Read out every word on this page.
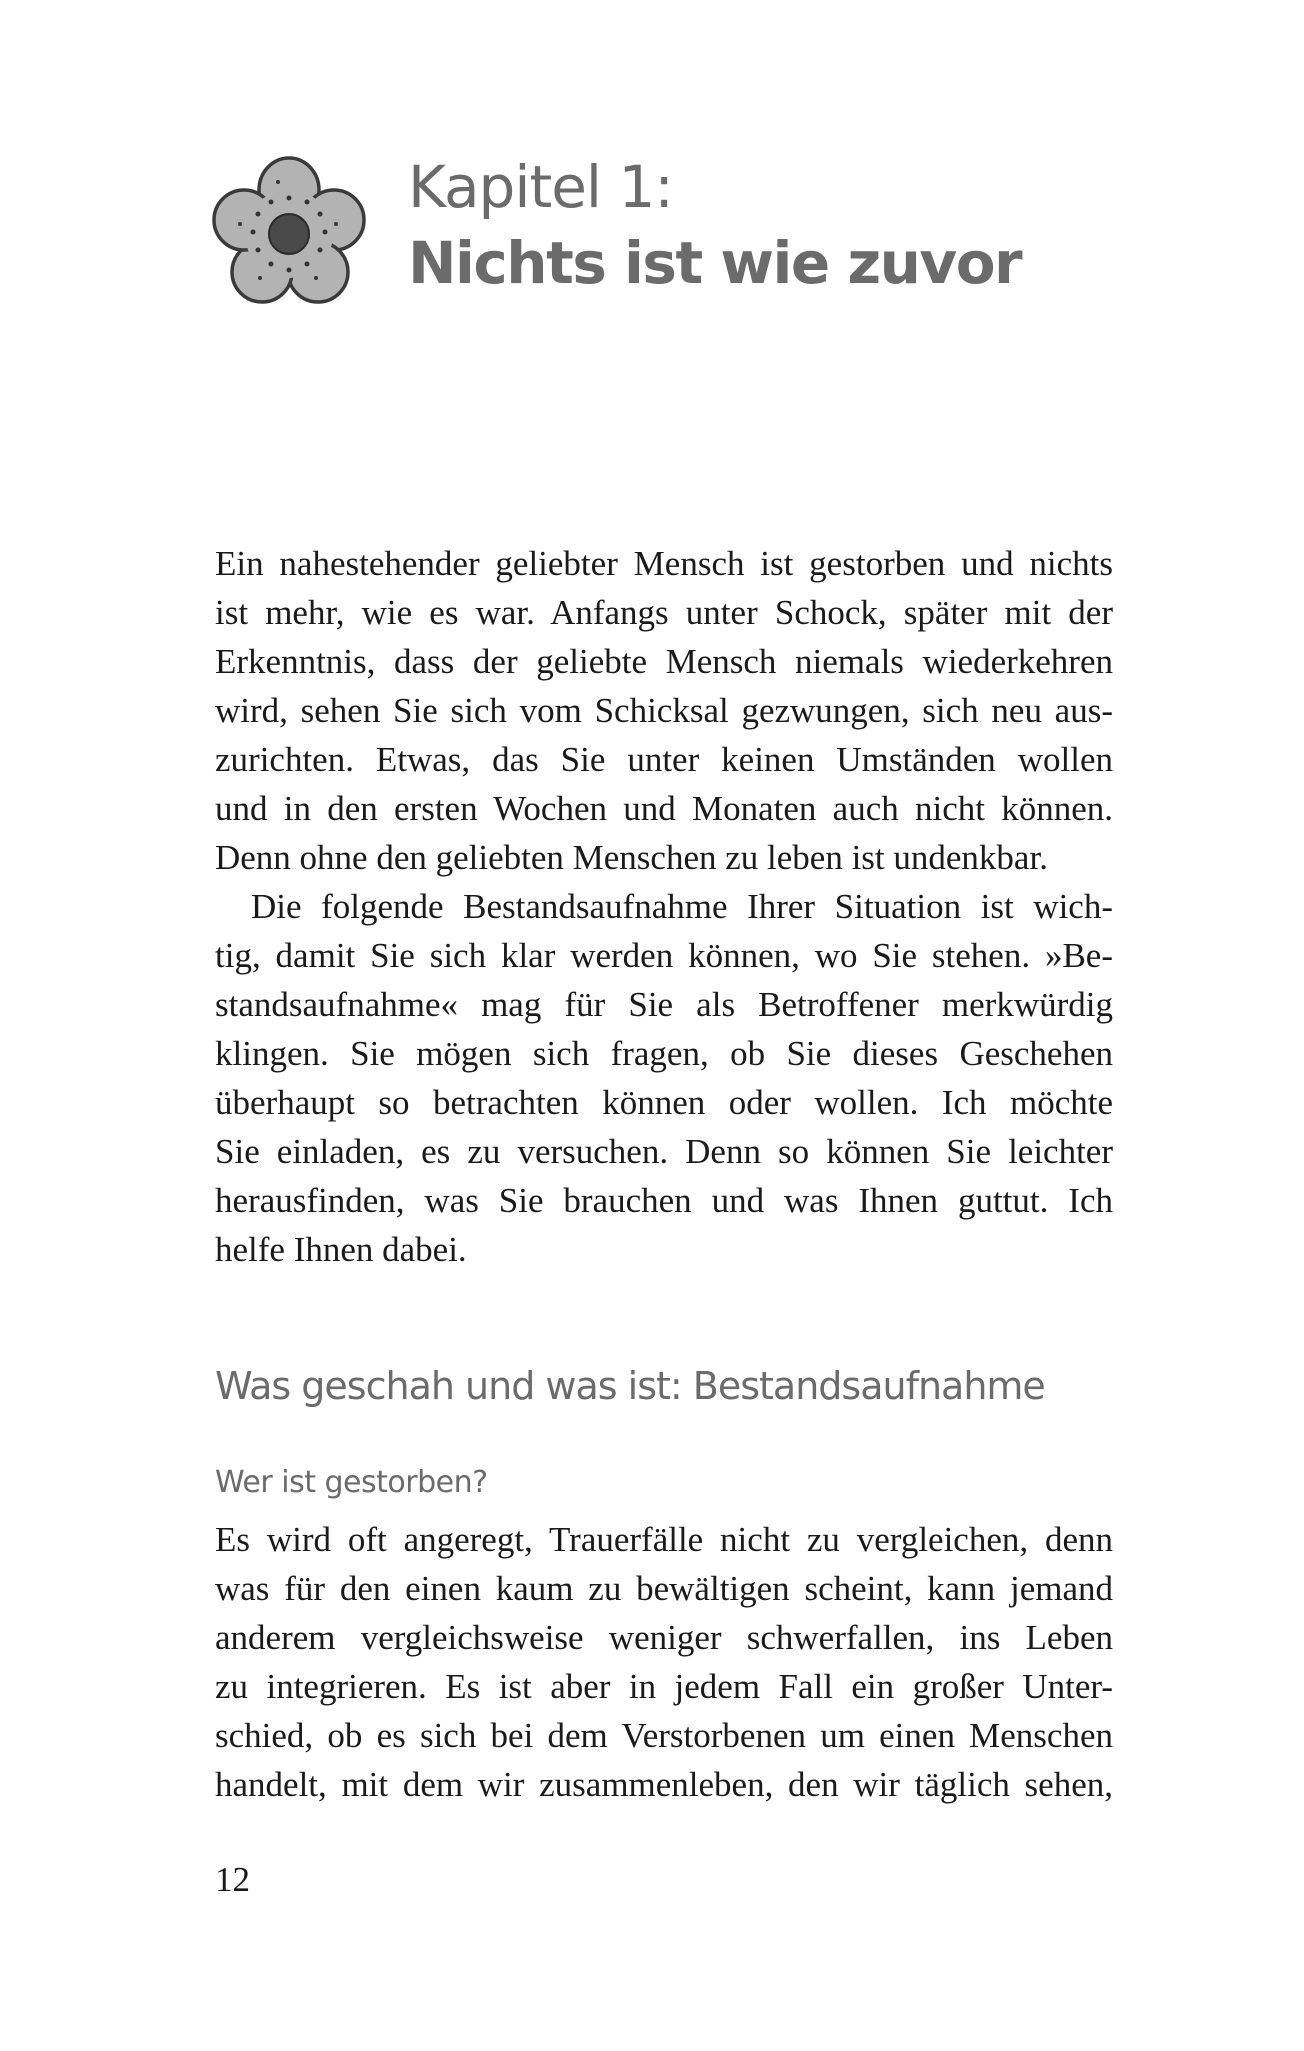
Kapitel 1:
Nichts ist wie zuvor
Ein nahestehender geliebter Mensch ist gestorben und nichts
ist mehr, wie es war. Anfangs unter Schock, später mit der
Erkenntnis, dass der geliebte Mensch niemals wiederkehren
wird, sehen Sie sich vom Schicksal gezwungen, sich neu aus-
zurichten. Etwas, das Sie unter keinen Umständen wollen
und in den ersten Wochen und Monaten auch nicht können.
Denn ohne den geliebten Menschen zu leben ist undenkbar.
Die folgende Bestandsaufnahme Ihrer Situation ist wich-
tig, damit Sie sich klar werden können, wo Sie stehen. »Be-
standsaufnahme« mag für Sie als Betroffener merkwürdig
klingen. Sie mögen sich fragen, ob Sie dieses Geschehen
überhaupt so betrachten können oder wollen. Ich möchte
Sie einladen, es zu versuchen. Denn so können Sie leichter
herausfinden, was Sie brauchen und was Ihnen guttut. Ich
helfe Ihnen dabei.
Was geschah und was ist: Bestandsaufnahme
Wer ist gestorben?
Es wird oft angeregt, Trauerfälle nicht zu vergleichen, denn
was für den einen kaum zu bewältigen scheint, kann jemand
anderem vergleichsweise weniger schwerfallen, ins Leben
zu integrieren. Es ist aber in jedem Fall ein großer Unter-
schied, ob es sich bei dem Verstorbenen um einen Menschen
handelt, mit dem wir zusammenleben, den wir täglich sehen,
12
